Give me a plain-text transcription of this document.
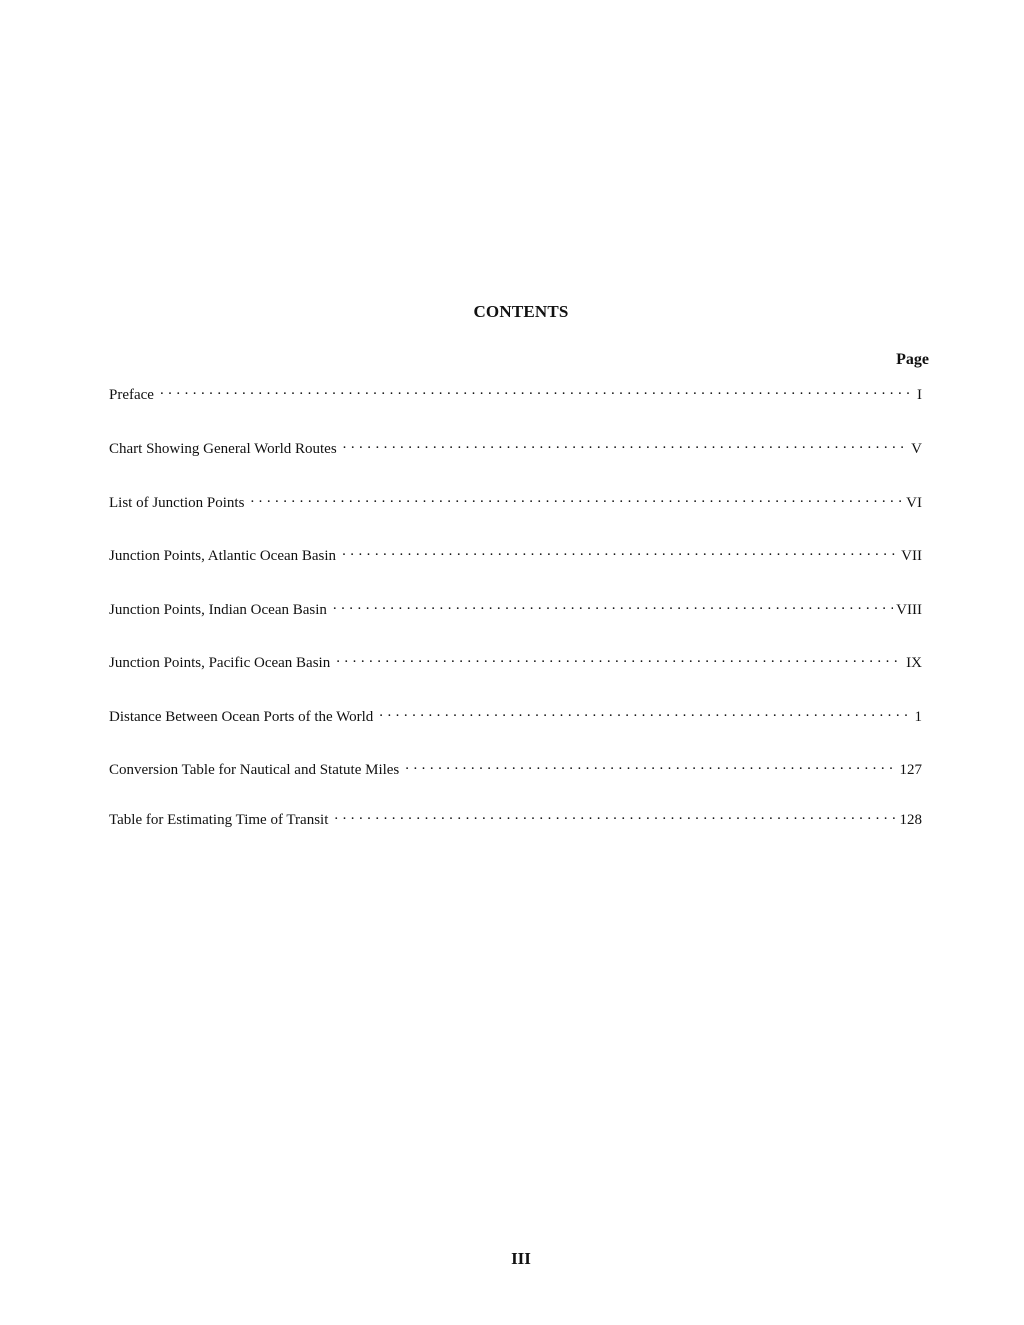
CONTENTS
Page
Preface . . .	I
Chart Showing General World Routes . . .	V
List of Junction Points . . .	VI
Junction Points, Atlantic Ocean Basin . . .	VII
Junction Points, Indian Ocean Basin . . .	VIII
Junction Points, Pacific Ocean Basin . . .	IX
Distance Between Ocean Ports of the World . . .	1
Conversion Table for Nautical and Statute Miles . . .	127
Table for Estimating Time of Transit . . .	128
III
